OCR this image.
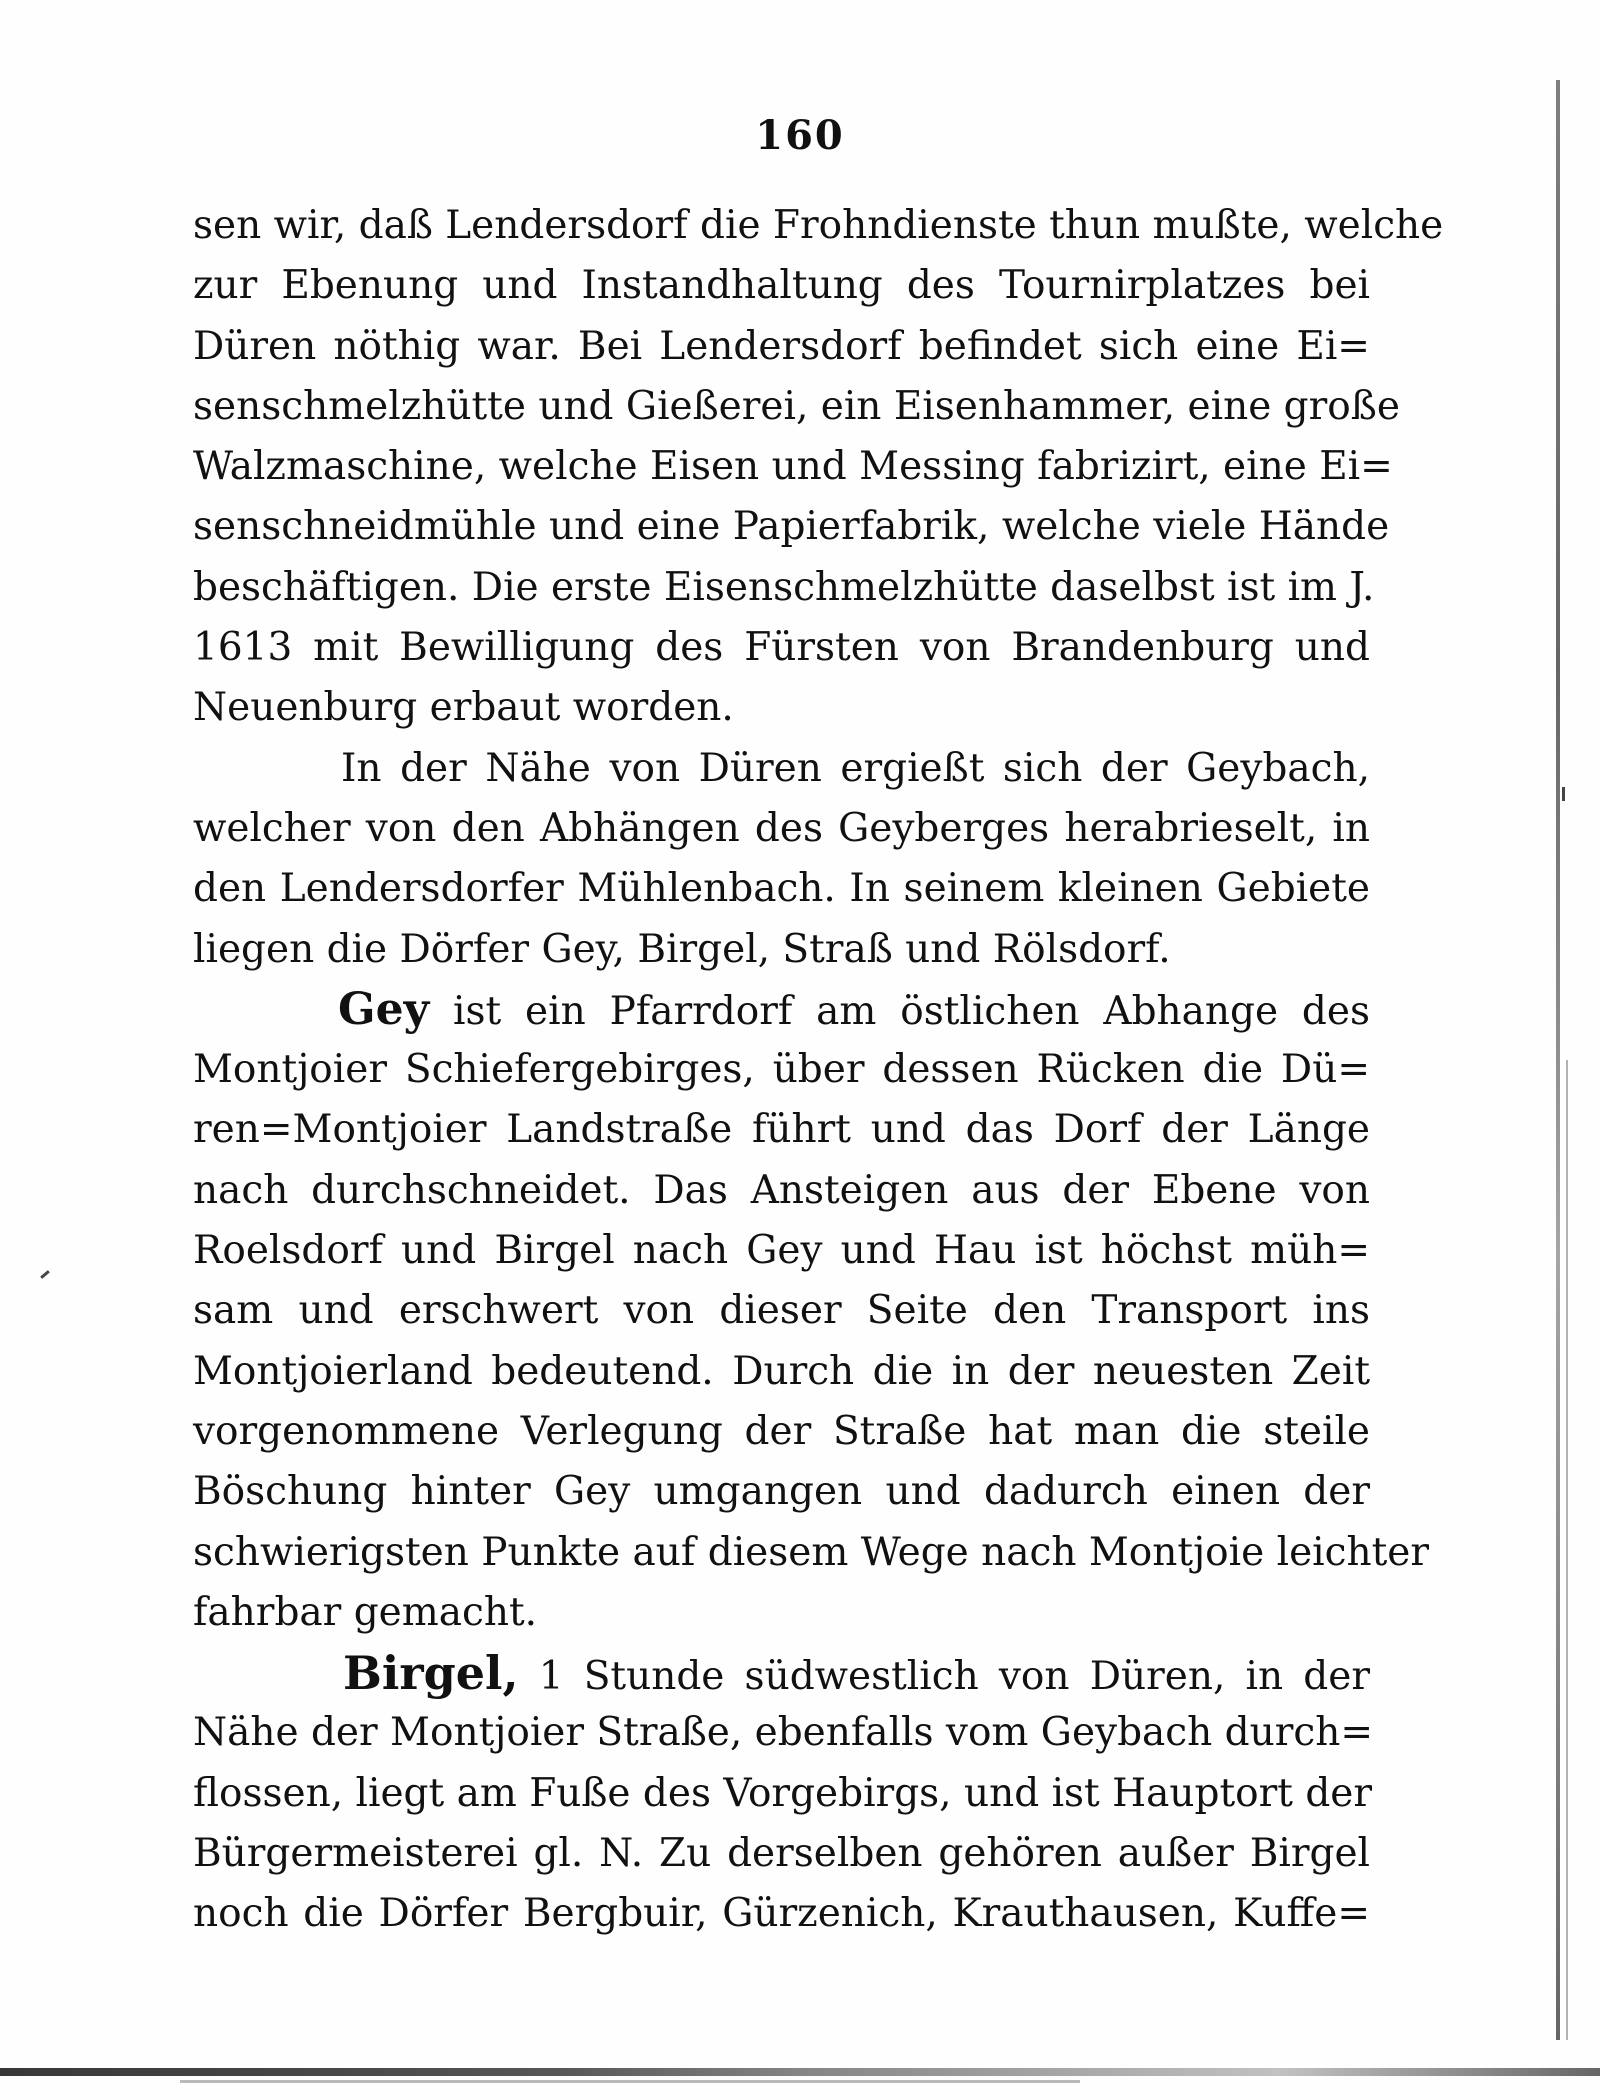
160
sen wir, daß Lendersdorf die Frohndienste thun mußte, welche
zur Ebenung und Instandhaltung des Tournirplatzes bei
Düren nöthig war. Bei Lendersdorf befindet sich eine Ei=
senschmelzhütte und Gießerei, ein Eisenhammer, eine große
Walzmaschine, welche Eisen und Messing fabrizirt, eine Ei=
senschneidmühle und eine Papierfabrik, welche viele Hände
beschäftigen. Die erste Eisenschmelzhütte daselbst ist im J.
1613 mit Bewilligung des Fürsten von Brandenburg und
Neuenburg erbaut worden.
In der Nähe von Düren ergießt sich der Geybach,
welcher von den Abhängen des Geyberges herabrieselt, in
den Lendersdorfer Mühlenbach. In seinem kleinen Gebiete
liegen die Dörfer Gey, Birgel, Straß und Rölsdorf.
Gey ist ein Pfarrdorf am östlichen Abhange des
Montjoier Schiefergebirges, über dessen Rücken die Dü=
ren=Montjoier Landstraße führt und das Dorf der Länge
nach durchschneidet. Das Ansteigen aus der Ebene von
Roelsdorf und Birgel nach Gey und Hau ist höchst müh=
sam und erschwert von dieser Seite den Transport ins
Montjoierland bedeutend. Durch die in der neuesten Zeit
vorgenommene Verlegung der Straße hat man die steile
Böschung hinter Gey umgangen und dadurch einen der
schwierigsten Punkte auf diesem Wege nach Montjoie leichter
fahrbar gemacht.
Birgel, 1 Stunde südwestlich von Düren, in der
Nähe der Montjoier Straße, ebenfalls vom Geybach durch=
flossen, liegt am Fuße des Vorgebirgs, und ist Hauptort der
Bürgermeisterei gl. N. Zu derselben gehören außer Birgel
noch die Dörfer Bergbuir, Gürzenich, Krauthausen, Kuffe=
